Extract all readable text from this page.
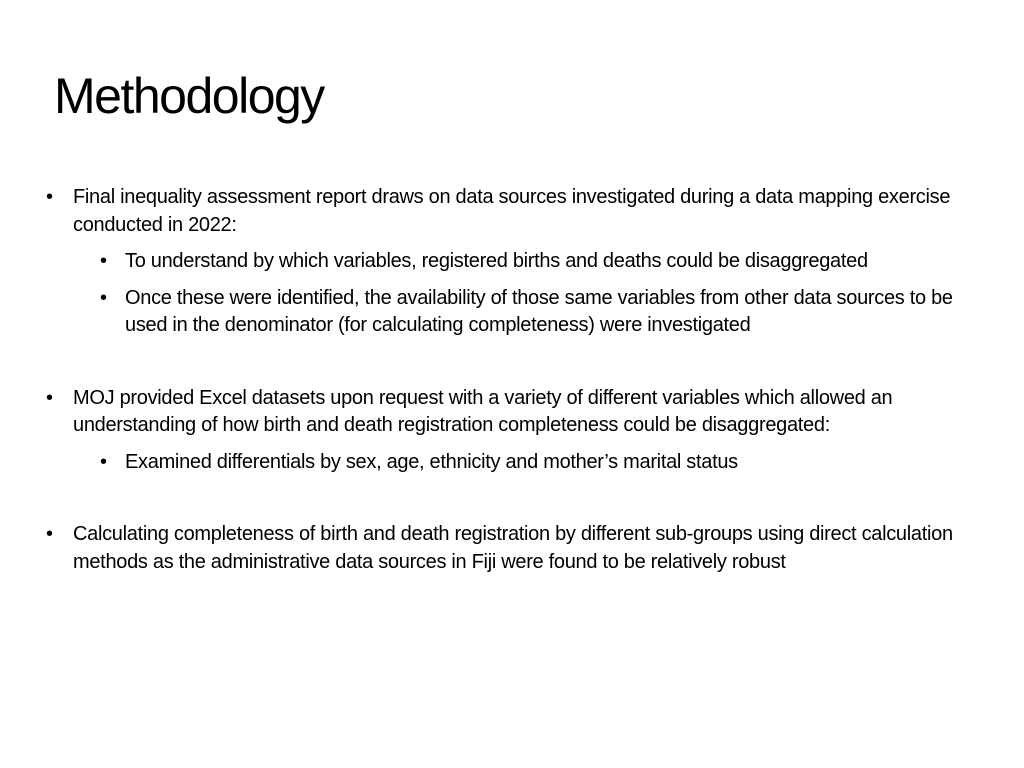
Methodology
• Final inequality assessment report draws on data sources investigated during a data mapping exercise conducted in 2022:
• To understand by which variables, registered births and deaths could be disaggregated
• Once these were identified, the availability of those same variables from other data sources to be used in the denominator (for calculating completeness) were investigated
• MOJ provided Excel datasets upon request with a variety of different variables which allowed an understanding of how birth and death registration completeness could be disaggregated:
• Examined differentials by sex, age, ethnicity and mother’s marital status
• Calculating completeness of birth and death registration by different sub-groups using direct calculation methods as the administrative data sources in Fiji were found to be relatively robust
